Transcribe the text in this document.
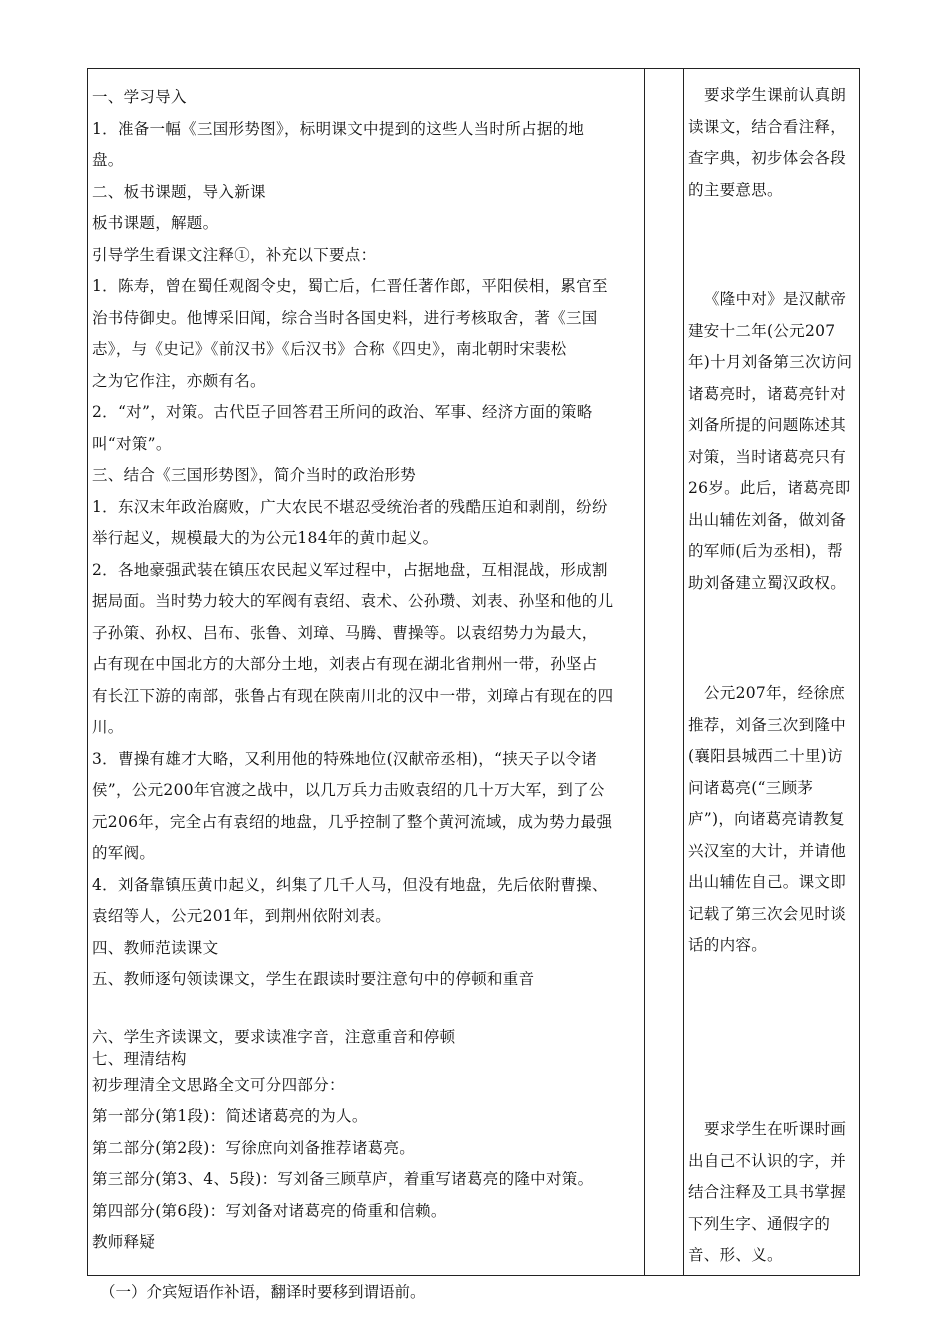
一、学习导入

1．准备一幅《三国形势图》，标明课文中提到的这些人当时所占据的地

盘。

二、板书课题，导入新课

板书课题，解题。

引导学生看课文注释①，补充以下要点：

1．陈寿，曾在蜀任观阁令史，蜀亡后，仁晋任著作郎，平阳侯相，累官至

治书侍御史。他博采旧闻，综合当时各国史料，进行考核取舍，著《三国

志》，与《史记》《前汉书》《后汉书》合称《四史》，南北朝时宋裴松

之为它作注，亦颇有名。

2．“对”，对策。古代臣子回答君王所问的政治、军事、经济方面的策略

叫“对策”。

三、结合《三国形势图》，简介当时的政治形势

1．东汉末年政治腐败，广大农民不堪忍受统治者的残酷压迫和剥削，纷纷

举行起义，规模最大的为公元184年的黄巾起义。

2．各地豪强武装在镇压农民起义军过程中，占据地盘，互相混战，形成割

据局面。当时势力较大的军阀有袁绍、袁术、公孙瓒、刘表、孙坚和他的儿

子孙策、孙权、吕布、张鲁、刘璋、马腾、曹操等。以袁绍势力为最大，

占有现在中国北方的大部分土地，刘表占有现在湖北省荆州一带，孙坚占

有长江下游的南部，张鲁占有现在陕南川北的汉中一带，刘璋占有现在的四

川。

3．曹操有雄才大略，又利用他的特殊地位(汉献帝丞相)，“挟天子以令诸

侯”，公元200年官渡之战中，以几万兵力击败袁绍的几十万大军，到了公

元206年，完全占有袁绍的地盘，几乎控制了整个黄河流域，成为势力最强

的军阀。

4．刘备靠镇压黄巾起义，纠集了几千人马，但没有地盘，先后依附曹操、

袁绍等人，公元201年，到荆州依附刘表。

四、教师范读课文

五、教师逐句领读课文，学生在跟读时要注意句中的停顿和重音

六、学生齐读课文，要求读准字音，注意重音和停顿

七、理清结构

初步理清全文思路全文可分四部分：

第一部分(第1段)：简述诸葛亮的为人。

第二部分(第2段)：写徐庶向刘备推荐诸葛亮。

第三部分(第3、4、5段)：写刘备三顾草庐，着重写诸葛亮的隆中对策。

第四部分(第6段)：写刘备对诸葛亮的倚重和信赖。

教师释疑

要求学生课前认真朗读课文，结合看注释，查字典，初步体会各段的主要意思。

《隆中对》是汉献帝建安十二年(公元207年)十月刘备第三次访问诸葛亮时，诸葛亮针对刘备所提的问题陈述其对策，当时诸葛亮只有26岁。此后，诸葛亮即出山辅佐刘备，做刘备的军师(后为丞相)，帮助刘备建立蜀汉政权。

公元207年，经徐庶推荐，刘备三次到隆中(襄阳县城西二十里)访问诸葛亮(“三顾茅庐”)，向诸葛亮请教复兴汉室的大计，并请他出山辅佐自己。课文即记载了第三次会见时谈话的内容。

要求学生在听课时画出自己不认识的字，并结合注释及工具书掌握下列生字、通假字的音、形、义。

（一）介宾短语作补语，翻译时要移到谓语前。
